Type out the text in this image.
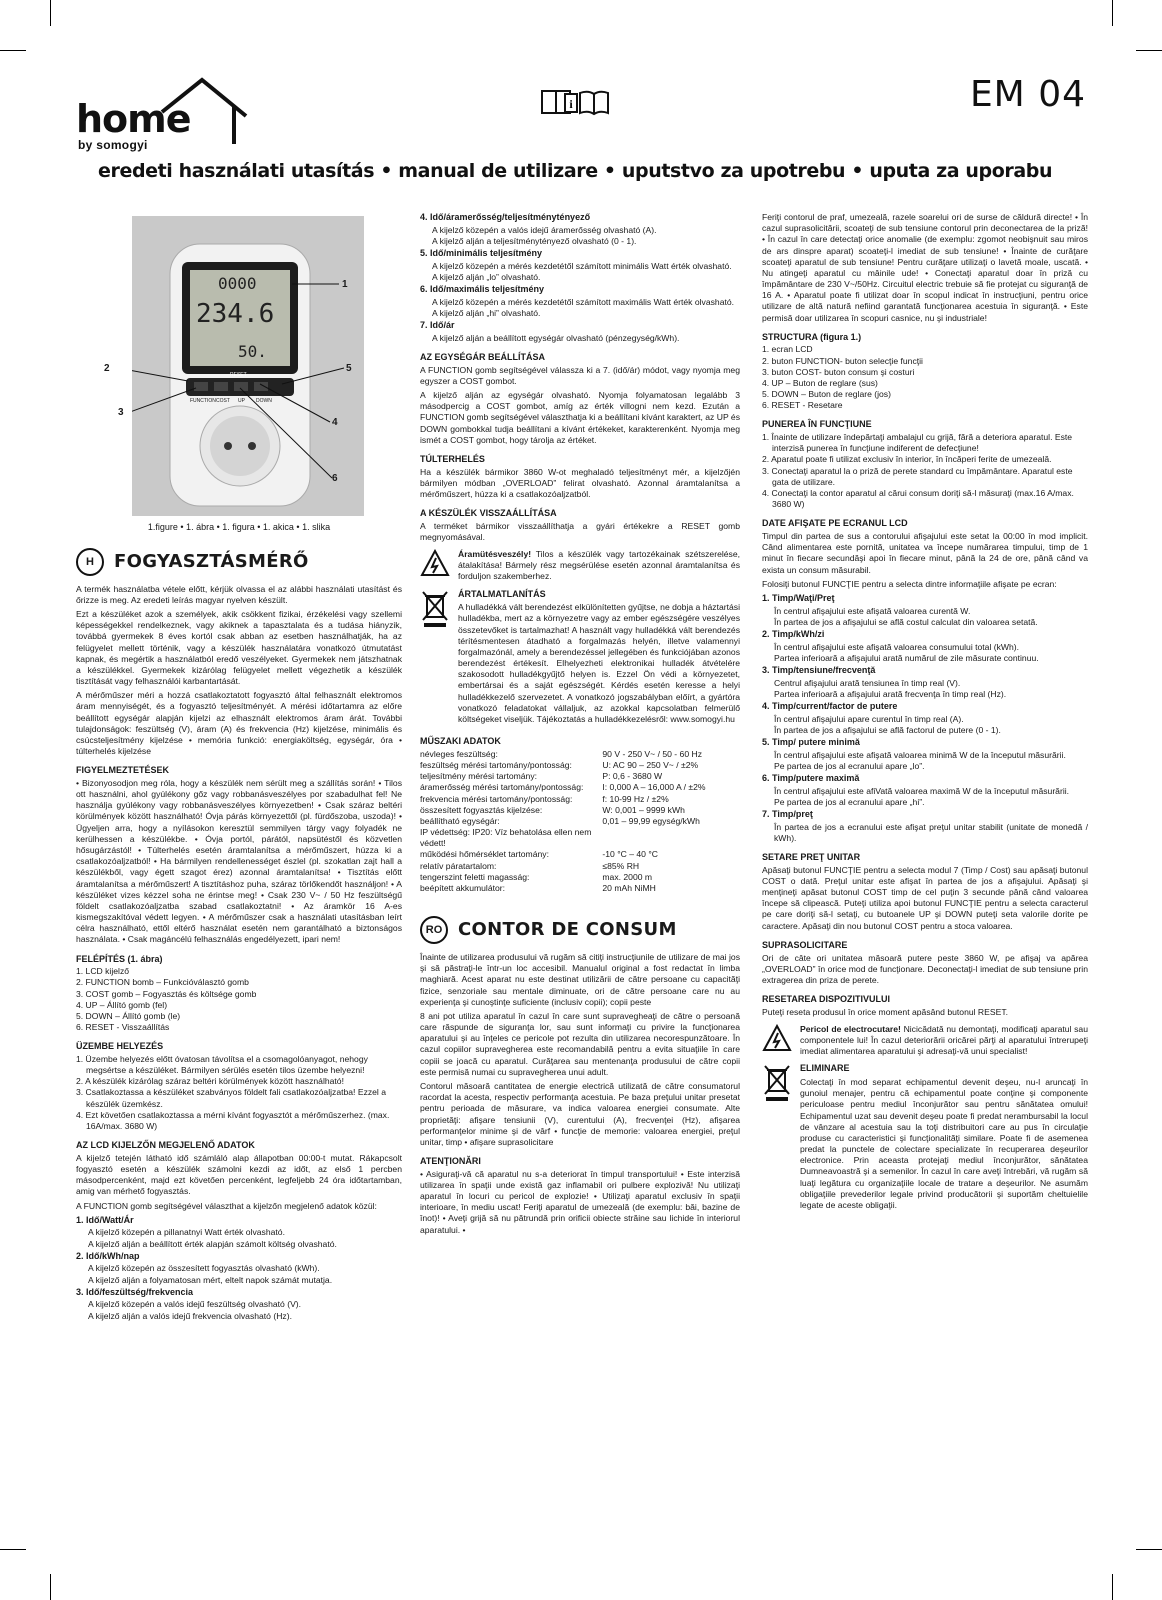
home
by somogyi
i	EM 04
eredeti használati utasítás • manual de utilizare • uputstvo za upotrebu • uputa za uporabu
0000
234.6
50.
FUNCTION COST UP DOWN
RESET
1
2
3
4
5
6
1.figure • 1. ábra • 1. figura • 1. akica • 1. slika
H	FOGYASZTÁSMÉRŐ

A termék használatba vétele előtt, kérjük olvassa el az alábbi használati utasítást és őrizze is meg. Az eredeti leírás magyar nyelven készült.

Ezt a készüléket azok a személyek, akik csökkent fizikai, érzékelési vagy szellemi képességekkel rendelkeznek, vagy akiknek a tapasztalata és a tudása hiányzik, továbbá gyermekek 8 éves kortól csak abban az esetben használhatják, ha az felügyelet mellett történik, vagy a készülék használatára vonatkozó útmutatást kapnak, és megértik a használatból eredő veszélyeket. Gyermekek nem játszhatnak a készülékkel. Gyermekek kizárólag felügyelet mellett végezhetik a készülék tisztítását vagy felhasználói karbantartását.

A mérőműszer méri a hozzá csatlakoztatott fogyasztó által felhasznált elektromos áram mennyiségét, és a fogyasztó teljesítményét. A mérési időtartamra az előre beállított egységár alapján kijelzi az elhasznált elektromos áram árát. További tulajdonságok: feszültség (V), áram (A) és frekvencia (Hz) kijelzése, minimális és csúcsteljesítmény kijelzése • memória funkció: energiaköltség, egységár, óra • túlterhelés kijelzése

FIGYELMEZTETÉSEK

• Bizonyosodjon meg róla, hogy a készülék nem sérült meg a szállítás során! • Tilos ott használni, ahol gyúlékony gőz vagy robbanásveszélyes por szabadulhat fel! Ne használja gyúlékony vagy robbanásveszélyes környezetben! • Csak száraz beltéri körülmények között használható! Óvja párás környezettől (pl. fürdőszoba, uszoda)! • Ügyeljen arra, hogy a nyílásokon keresztül semmilyen tárgy vagy folyadék ne kerülhessen a készülékbe. • Óvja portól, párától, napsütéstől és közvetlen hősugárzástól! • Túlterhelés esetén áramtalanítsa a mérőműszert, húzza ki a csatlakozóaljzatból! • Ha bármilyen rendellenességet észlel (pl. szokatlan zajt hall a készülékből, vagy égett szagot érez) azonnal áramtalanítsa! • Tisztítás előtt áramtalanítsa a mérőműszert! A tisztításhoz puha, száraz törlőkendőt használjon! • A készüléket vizes kézzel soha ne érintse meg! • Csak 230 V~ / 50 Hz feszültségű földelt csatlakozóaljzatba szabad csatlakoztatni! • Az áramkör 16 A-es kismegszakítóval védett legyen. • A mérőműszer csak a használati utasításban leírt célra használható, ettől eltérő használat esetén nem garantálható a biztonságos használata. • Csak magáncélú felhasználás engedélyezett, ipari nem!

FELÉPÍTÉS (1. ábra)
1. LCD kijelző
2. FUNCTION bomb – Funkcióválasztó gomb
3. COST gomb – Fogyasztás és költsége gomb
4. UP – Állító gomb (fel)
5. DOWN – Állító gomb (le)
6. RESET - Visszaállítás
ÜZEMBE HELYEZÉS
1. Üzembe helyezés előtt óvatosan távolítsa el a csomagolóanyagot, nehogy megsértse a készüléket. Bármilyen sérülés esetén tilos üzembe helyezni!
2. A készülék kizárólag száraz beltéri körülmények között használható!
3. Csatlakoztassa a készüléket szabványos földelt fali csatlakozóaljzatba! Ezzel a készülék üzemkész.
4. Ezt követően csatlakoztassa a mérni kívánt fogyasztót a mérőműszerhez. (max. 16A/max. 3680 W)
AZ LCD KIJELZŐN MEGJELENŐ ADATOK

A kijelző tetején látható idő számláló alap állapotban 00:00-t mutat. Rákapcsolt fogyasztó esetén a készülék számolni kezdi az időt, az első 1 percben másodpercenként, majd ezt követően percenként, legfeljebb 24 óra időtartamban, amig van mérhető fogyasztás.

A FUNCTION gomb segítségével választhat a kijelzőn megjelenő adatok közül:

1. Idő/Watt/Ár

A kijelző közepén a pillanatnyi Watt érték olvasható.

A kijelző alján a beállított érték alapján számolt költség olvasható.

2. Idő/kWh/nap

A kijelző közepén az összesített fogyasztás olvasható (kWh).

A kijelző alján a folyamatosan mért, eltelt napok számát mutatja.

3. Idő/feszültség/frekvencia

A kijelző közepén a valós idejű feszültség olvasható (V).

A kijelző alján a valós idejű frekvencia olvasható (Hz).

4. Idő/áramerősség/teljesítménytényező

A kijelző közepén a valós idejű áramerősség olvasható (A).

A kijelző alján a teljesítménytényező olvasható (0 - 1).

5. Idő/minimális teljesítmény

A kijelző közepén a mérés kezdetétől számított minimális Watt érték olvasható.

A kijelző alján „lo” olvasható.

6. Idő/maximális teljesítmény

A kijelző közepén a mérés kezdetétől számított maximális Watt érték olvasható.

A kijelző alján „hi” olvasható.

7. Idő/ár

A kijelző alján a beállított egységár olvasható (pénzegység/kWh).

AZ EGYSÉGÁR BEÁLLÍTÁSA

A FUNCTION gomb segítségével válassza ki a 7. (idő/ár) módot, vagy nyomja meg egyszer a COST gombot.

A kijelző alján az egységár olvasható. Nyomja folyamatosan legalább 3 másodpercig a COST gombot, amíg az érték villogni nem kezd. Ezután a FUNCTION gomb segítségével választhatja ki a beállítani kívánt karaktert, az UP és DOWN gombokkal tudja beállítani a kívánt értékeket, karakterenként. Nyomja meg ismét a COST gombot, hogy tárolja az értéket.

TÚLTERHELÉS

Ha a készülék bármikor 3860 W-ot meghaladó teljesítményt mér, a kijelzőjén bármilyen módban „OVERLOAD” felirat olvasható. Azonnal áramtalanítsa a mérőműszert, húzza ki a csatlakozóaljzatból.

A KÉSZÜLÉK VISSZAÁLLÍTÁSA

A terméket bármikor visszaállíthatja a gyári értékekre a RESET gomb megnyomásával.

Áramütésveszély! Tilos a készülék vagy tartozékainak szétszerelése, átalakítása! Bármely rész megsérülése esetén azonnal áramtalanítsa és forduljon szakemberhez.

ÁRTALMATLANÍTÁS

A hulladékká vált berendezést elkülönítetten gyűjtse, ne dobja a háztartási hulladékba, mert az a környezetre vagy az ember egészségére veszélyes összetevőket is tartalmazhat! A használt vagy hulladékká vált berendezés térítésmentesen átadható a forgalmazás helyén, illetve valamennyi forgalmazónál, amely a berendezéssel jellegében és funkciójában azonos berendezést értékesít. Elhelyezheti elektronikai hulladék átvételére szakosodott hulladékgyűjtő helyen is. Ezzel Ön védi a környezetet, embertársai és a saját egészségét. Kérdés esetén keresse a helyi hulladékkezelő szervezetet. A vonatkozó jogszabályban előírt, a gyártóra vonatkozó feladatokat vállaljuk, az azokkal kapcsolatban felmerülő költségeket viseljük. Tájékoztatás a hulladékkezelésről: www.somogyi.hu

MŰSZAKI ADATOK
névleges feszültség:	90 V - 250 V~ / 50 - 60 Hz
feszültség mérési tartomány/pontosság:	U: AC 90 – 250 V~ / ±2%
teljesítmény mérési tartomány:	P: 0,6 - 3680 W
áramerősség mérési tartomány/pontosság:	I: 0,000 A – 16,000 A / ±2%
frekvencia mérési tartomány/pontosság:	f: 10-99 Hz / ±2%
összesített fogyasztás kijelzése:	W: 0,001 – 9999 kWh
beállítható egységár:	0,01 – 99,99 egység/kWh
IP védettség: IP20: Víz behatolása ellen nem védett!	
működési hőmérséklet tartomány:	-10 °C – 40 °C
relatív páratartalom:	≤85% RH
tengerszint feletti magasság:	max. 2000 m
beépített akkumulátor:	20 mAh NiMH
RO CONTOR DE CONSUM

Înainte de utilizarea produsului vă rugăm să citiţi instrucţiunile de utilizare de mai jos şi să păstraţi-le într-un loc accesibil. Manualul original a fost redactat în limba maghiară. Acest aparat nu este destinat utilizării de către persoane cu capacităţi fizice, senzoriale sau mentale diminuate, ori de către persoane care nu au experienţa şi cunoştinţe suficiente (inclusiv copii); copii peste

8 ani pot utiliza aparatul în cazul în care sunt supravegheaţi de către o persoană care răspunde de siguranţa lor, sau sunt informaţi cu privire la funcţionarea aparatului şi au înţeles ce pericole pot rezulta din utilizarea necorespunzătoare. În cazul copiilor supravegherea este recomandabilă pentru a evita situaţiile în care copiii se joacă cu aparatul. Curăţarea sau mentenanţa produsului de către copii este permisă numai cu supravegherea unui adult.

Contorul măsoară cantitatea de energie electrică utilizată de către consumatorul racordat la acesta, respectiv performanţa acestuia. Pe baza preţului unitar presetat pentru perioada de măsurare, va indica valoarea energiei consumate. Alte proprietăţi: afişare tensiunii (V), curentului (A), frecvenţei (Hz), afişarea performanţelor minime şi de vârf • funcţie de memorie: valoarea energiei, preţul unitar, timp • afişare suprasolicitare

ATENŢIONĂRI

• Asiguraţi-vă că aparatul nu s-a deteriorat în timpul transportului! • Este interzisă utilizarea în spaţii unde există gaz inflamabil ori pulbere explozivă! Nu utilizaţi aparatul în locuri cu pericol de explozie! • Utilizaţi aparatul exclusiv în spaţii interioare, în mediu uscat! Feriţi aparatul de umezeală (de exemplu: băi, bazine de înot)! • Aveţi grijă să nu pătrundă prin orificii obiecte străine sau lichide în interiorul aparatului. •

Feriţi contorul de praf, umezeală, razele soarelui ori de surse de căldură directe! • În cazul suprasolicitării, scoateţi de sub tensiune contorul prin deconectarea de la priză! • În cazul în care detectaţi orice anomalie (de exemplu: zgomot neobişnuit sau miros de ars dinspre aparat) scoateţi-l imediat de sub tensiune! • Înainte de curăţare scoateţi aparatul de sub tensiune! Pentru curăţare utilizaţi o lavetă moale, uscată. • Nu atingeţi aparatul cu mâinile ude! • Conectaţi aparatul doar în priză cu împământare de 230 V~/50Hz. Circuitul electric trebuie să fie protejat cu siguranţă de 16 A. • Aparatul poate fi utilizat doar în scopul indicat în instrucţiuni, pentru orice utilizare de altă natură nefiind garantată funcţionarea acestuia în siguranţă. • Este permisă doar utilizarea în scopuri casnice, nu şi industriale!

STRUCTURA (figura 1.)
1. ecran LCD
2. buton FUNCTION- buton selecţie funcţii
3. buton COST- buton consum şi costuri
4. UP – Buton de reglare (sus)
5. DOWN – Buton de reglare (jos)
6. RESET - Resetare
PUNEREA ÎN FUNCŢIUNE
1. Înainte de utilizare îndepărtaţi ambalajul cu grijă, fără a deteriora aparatul. Este interzisă punerea în funcţiune indiferent de defecţiune!
2. Aparatul poate fi utilizat exclusiv în interior, în încăperi ferite de umezeală.
3. Conectaţi aparatul la o priză de perete standard cu împământare. Aparatul este gata de utilizare.
4. Conectaţi la contor aparatul al cărui consum doriţi să-l măsuraţi (max.16 A/max. 3680 W)
DATE AFIŞATE PE ECRANUL LCD

Timpul din partea de sus a contorului afişajului este setat la 00:00 în mod implicit. Când alimentarea este pornită, unitatea va începe numărarea timpului, timp de 1 minut în fiecare secundăşi apoi în fiecare minut, până la 24 de ore, până când va exista un consum măsurabil.

Folosiţi butonul FUNCŢIE pentru a selecta dintre informaţiile afişate pe ecran:

1. Timp/Waţi/Preţ

În centrul afişajului este afişată valoarea curentă W.

În partea de jos a afişajului se află costul calculat din valoarea setată.

2. Timp/kWh/zi

În centrul afişajului este afişată valoarea consumului total (kWh).

Partea inferioară a afişajului arată numărul de zile măsurate continuu.

3. Timp/tensiune/frecvenţă

Centrul afişajului arată tensiunea în timp real (V).

Partea inferioară a afişajului arată frecvenţa în timp real (Hz).

4. Timp/current/factor de putere

În centrul afişajului apare curentul în timp real (A).

În partea de jos a afişajului se află factorul de putere (0 - 1).

5. Timp/ putere minimă

În centrul afişajului este afişată valoarea minimă W de la începutul măsurării.

Pe partea de jos al ecranului apare „lo”.

6. Timp/putere maximă

În centrul afişajului este afiVată valoarea maximă W de la începutul măsurării.

Pe partea de jos al ecranului apare „hi”.

7. Timp/preţ

În partea de jos a ecranului este afişat preţul unitar stabilit (unitate de monedă / kWh).

SETARE PREŢ UNITAR

Apăsaţi butonul FUNCŢIE pentru a selecta modul 7 (Timp / Cost) sau apăsaţi butonul COST o dată. Preţul unitar este afişat în partea de jos a afişajului. Apăsaţi şi menţineţi apăsat butonul COST timp de cel puţin 3 secunde până când valoarea începe să clipească. Puteţi utiliza apoi butonul FUNCŢIE pentru a selecta caracterul pe care doriţi să-l setaţi, cu butoanele UP şi DOWN puteţi seta valorile dorite pe caractere. Apăsaţi din nou butonul COST pentru a stoca valoarea.

SUPRASOLICITARE

Ori de câte ori unitatea măsoară putere peste 3860 W, pe afişaj va apărea „OVERLOAD” în orice mod de funcţionare. Deconectaţi-l imediat de sub tensiune prin extragerea din priza de perete.

RESETAREA DISPOZITIVULUI

Puteţi reseta produsul în orice moment apăsând butonul RESET.

Pericol de electrocutare! Nicicădată nu demontaţi, modificaţi aparatul sau componentele lui! În cazul deteriorării oricărei părţi al aparatului întrerupeţi imediat alimentarea aparatului şi adresaţi-vă unui specialist!

ELIMINARE

Colectaţi în mod separat echipamentul devenit deşeu, nu-l aruncaţi în gunoiul menajer, pentru că echipamentul poate conţine şi componente periculoase pentru mediul înconjurător sau pentru sănătatea omului! Echipamentul uzat sau devenit deşeu poate fi predat nerambursabil la locul de vânzare al acestuia sau la toţi distribuitori care au pus în circulaţie produse cu caracteristici şi funcţionalităţi similare. Poate fi de asemenea predat la punctele de colectare specializate în recuperarea deşeurilor electronice. Prin aceasta protejaţi mediul înconjurător, sănătatea Dumneavoastră şi a semenilor. În cazul în care aveţi întrebări, vă rugăm să luaţi legătura cu organizaţiile locale de tratare a deşeurilor. Ne asumăm obligaţiile prevederilor legale privind producătorii şi suportăm cheltuielile legate de aceste obligaţii.
